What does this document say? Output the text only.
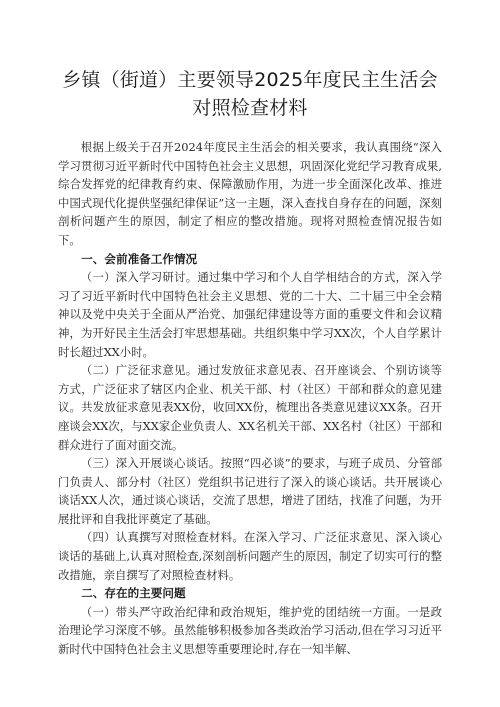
乡镇（街道）主要领导2025年度民主生活会对照检查材料

根据上级关于召开2024年度民主生活会的相关要求，我认真围绕“深入学习贯彻习近平新时代中国特色社会主义思想，巩固深化党纪学习教育成果,综合发挥党的纪律教育约束、保障激励作用，为进一步全面深化改革、推进中国式现代化提供坚强纪律保证”这一主题，深入查找自身存在的问题，深刻剖析问题产生的原因，制定了相应的整改措施。现将对照检查情况报告如下。

一、会前准备工作情况

（一）深入学习研讨。通过集中学习和个人自学相结合的方式，深入学习了习近平新时代中国特色社会主义思想、党的二十大、二十届三中全会精神以及党中央关于全面从严治党、加强纪律建设等方面的重要文件和会议精神，为开好民主生活会打牢思想基础。共组织集中学习XX次，个人自学累计时长超过XX小时。

（二）广泛征求意见。通过发放征求意见表、召开座谈会、个别访谈等方式，广泛征求了辖区内企业、机关干部、村（社区）干部和群众的意见建议。共发放征求意见表XX份，收回XX份，梳理出各类意见建议XX条。召开座谈会XX次，与XX家企业负责人、XX名机关干部、XX名村（社区）干部和群众进行了面对面交流。

（三）深入开展谈心谈话。按照“四必谈”的要求，与班子成员、分管部门负责人、部分村（社区）党组织书记进行了深入的谈心谈话。共开展谈心谈话XX人次，通过谈心谈话，交流了思想，增进了团结，找准了问题，为开展批评和自我批评奠定了基础。

（四）认真撰写对照检查材料。在深入学习、广泛征求意见、深入谈心谈话的基础上,认真对照检查,深刻剖析问题产生的原因，制定了切实可行的整改措施，亲自撰写了对照检查材料。

二、存在的主要问题

（一）带头严守政治纪律和政治规矩，维护党的团结统一方面。一是政治理论学习深度不够。虽然能够积极参加各类政治学习活动,但在学习习近平新时代中国特色社会主义思想等重要理论时,存在一知半解、
